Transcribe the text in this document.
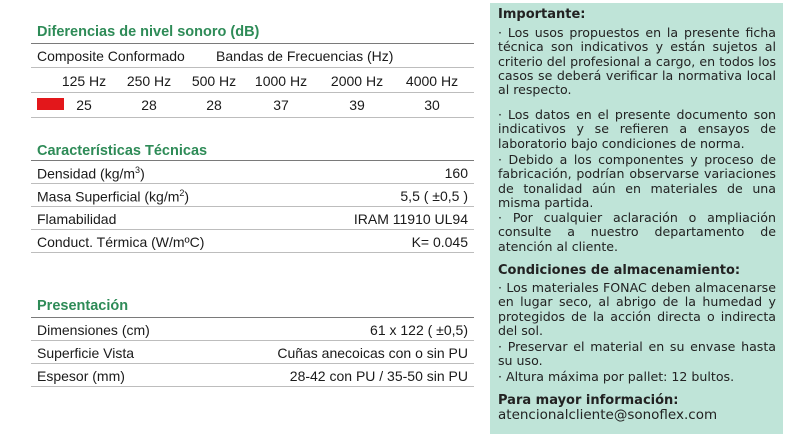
Diferencias de nivel sonoro (dB)
Composite Conformado Bandas de Frecuencias (Hz)
125 Hz	250 Hz	500 Hz	1000 Hz 2000 Hz 4000 Hz
25	28	28	37	39	30
Características Técnicas
Densidad $(kg/m^3)$	160
Masa Superficial $(kg/m^2)$	5,5 ( ±0,5 )
Flamabilidad	IRAM 11910 UL94
Conduct. Térmica (W/mºC)	K= 0.045
Presentación
Dimensiones (cm)	61 x 122 ( ±0,5)
Superficie Vista	Cuñas anecoicas con o sin PU
Espesor (mm)	28-42 con PU / 35-50 sin PU
Importante:
· Los usos propuestos en la presente ficha técnica son indicativos y están sujetos al criterio del profesional a cargo, en todos los casos se deberá verificar la normativa local al respecto.
· Los datos en el presente documento son indicativos y se refieren a ensayos de laboratorio bajo condiciones de norma.
· Debido a los componentes y proceso de fabricación, podrían observarse variaciones de tonalidad aún en materiales de una misma partida.
· Por cualquier aclaración o ampliación consulte a nuestro departamento de atención al cliente.
Condiciones de almacenamiento:
· Los materiales FONAC deben almacenarse en lugar seco, al abrigo de la humedad y protegidos de la acción directa o indirecta del sol.
· Preservar el material en su envase hasta su uso.
· Altura máxima por pallet: 12 bultos.
Para mayor información:
atencionalcliente@sonoflex.com
